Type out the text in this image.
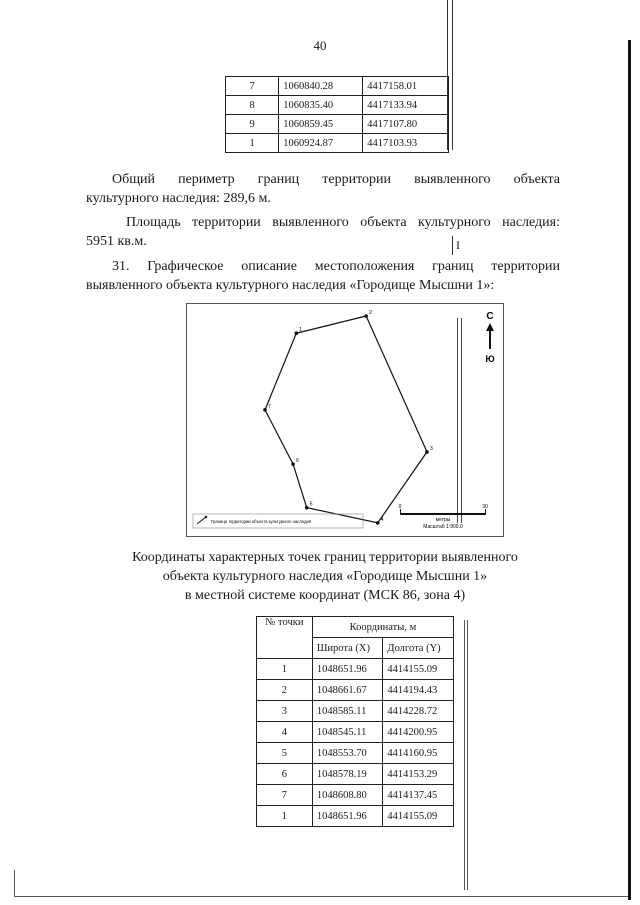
40
7	1060840.28	4417158.01
8	1060835.40	4417133.94
9	1060859.45	4417107.80
1	1060924.87	4417103.93
Общий периметр границ территории выявленного объекта
культурного наследия: 289,6 м.
Площадь территории выявленного объекта культурного наследия:
5951 кв.м.	I
31. Графическое описание местоположения границ территории
выявленного объекта культурного наследия «Городище Мысшни 1»:
1
2
3
4
5
6
7
С
Ю
0	30
метры
Масштаб 1:900.0
Граница территории объекта культурного наследия
Координаты характерных точек границ территории выявленного
объекта культурного наследия «Городище Мысшни 1»
в местной системе координат (МСК 86, зона 4)
№ точки	Координаты, м	
	Широта (X)	Долгота (Y)
1	1048651.96	4414155.09
2	1048661.67	4414194.43
3	1048585.11	4414228.72
4	1048545.11	4414200.95
5	1048553.70	4414160.95
6	1048578.19	4414153.29
7	1048608.80	4414137.45
1	1048651.96	4414155.09
